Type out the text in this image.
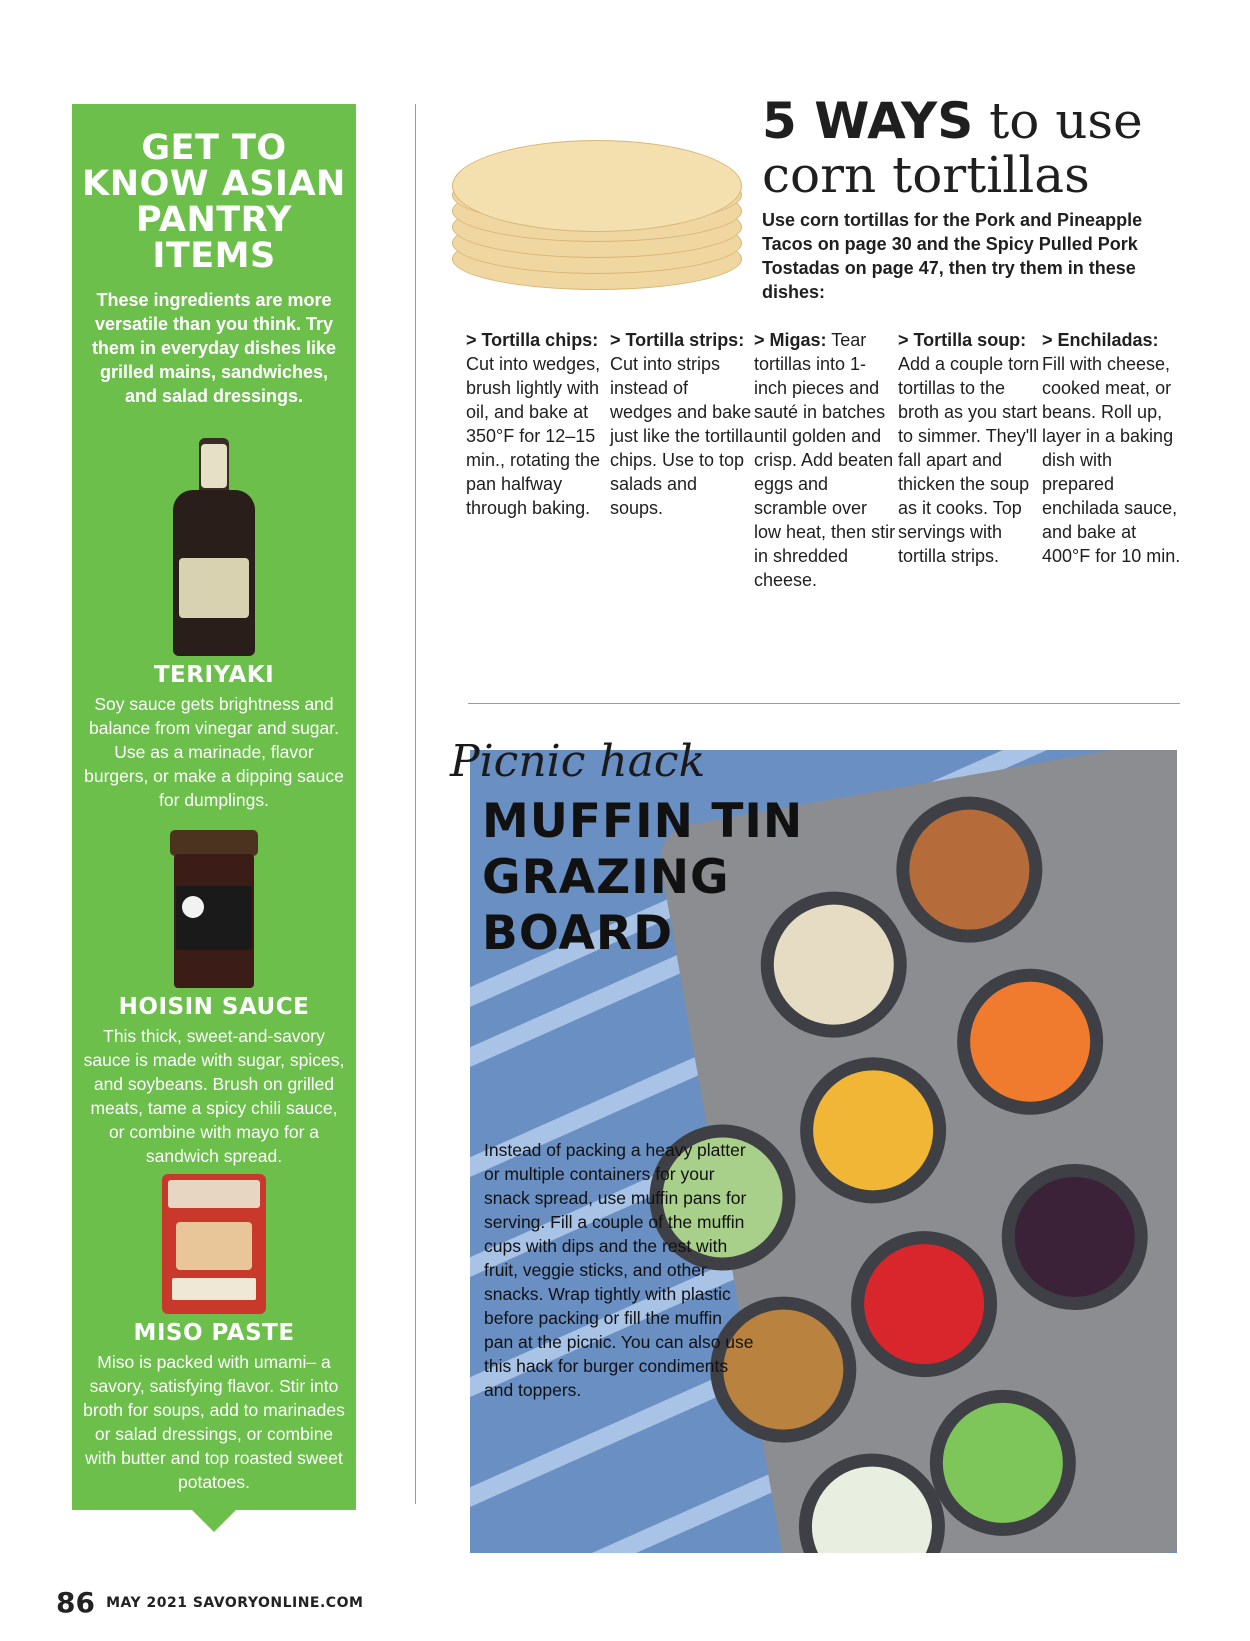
GET TO KNOW ASIAN PANTRY ITEMS
These ingredients are more versatile than you think. Try them in everyday dishes like grilled mains, sandwiches, and salad dressings.
TERIYAKI
Soy sauce gets brightness and balance from vinegar and sugar. Use as a marinade, flavor burgers, or make a dipping sauce for dumplings.
HOISIN SAUCE
This thick, sweet-and-savory sauce is made with sugar, spices, and soybeans. Brush on grilled meats, tame a spicy chili sauce, or combine with mayo for a sandwich spread.
MISO PASTE
Miso is packed with umami– a savory, satisfying flavor. Stir into broth for soups, add to marinades or salad dressings, or combine with butter and top roasted sweet potatoes.
5 WAYS to use
corn tortillas
Use corn tortillas for the Pork and Pineapple Tacos on page 30 and the Spicy Pulled Pork Tostadas on page 47, then try them in these dishes:
> Tortilla chips: Cut into wedges, brush lightly with oil, and bake at 350°F for 12–15 min., rotating the pan halfway through baking.
> Tortilla strips: Cut into strips instead of wedges and bake just like the tortilla chips. Use to top salads and soups.
> Migas: Tear tortillas into 1-inch pieces and sauté in batches until golden and crisp. Add beaten eggs and scramble over low heat, then stir in shredded cheese.
> Tortilla soup: Add a couple torn tortillas to the broth as you start to simmer. They'll fall apart and thicken the soup as it cooks. Top servings with tortilla strips.
> Enchiladas: Fill with cheese, cooked meat, or beans. Roll up, layer in a baking dish with prepared enchilada sauce, and bake at 400°F for 10 min.
Picnic hack
MUFFIN TIN
GRAZING
BOARD
Instead of packing a heavy platter or multiple containers for your snack spread, use muffin pans for serving. Fill a couple of the muffin cups with dips and the rest with fruit, veggie sticks, and other snacks. Wrap tightly with plastic before packing or fill the muffin pan at the picnic. You can also use this hack for burger condiments and toppers.
86 MAY 2021 SAVORYONLINE.COM
